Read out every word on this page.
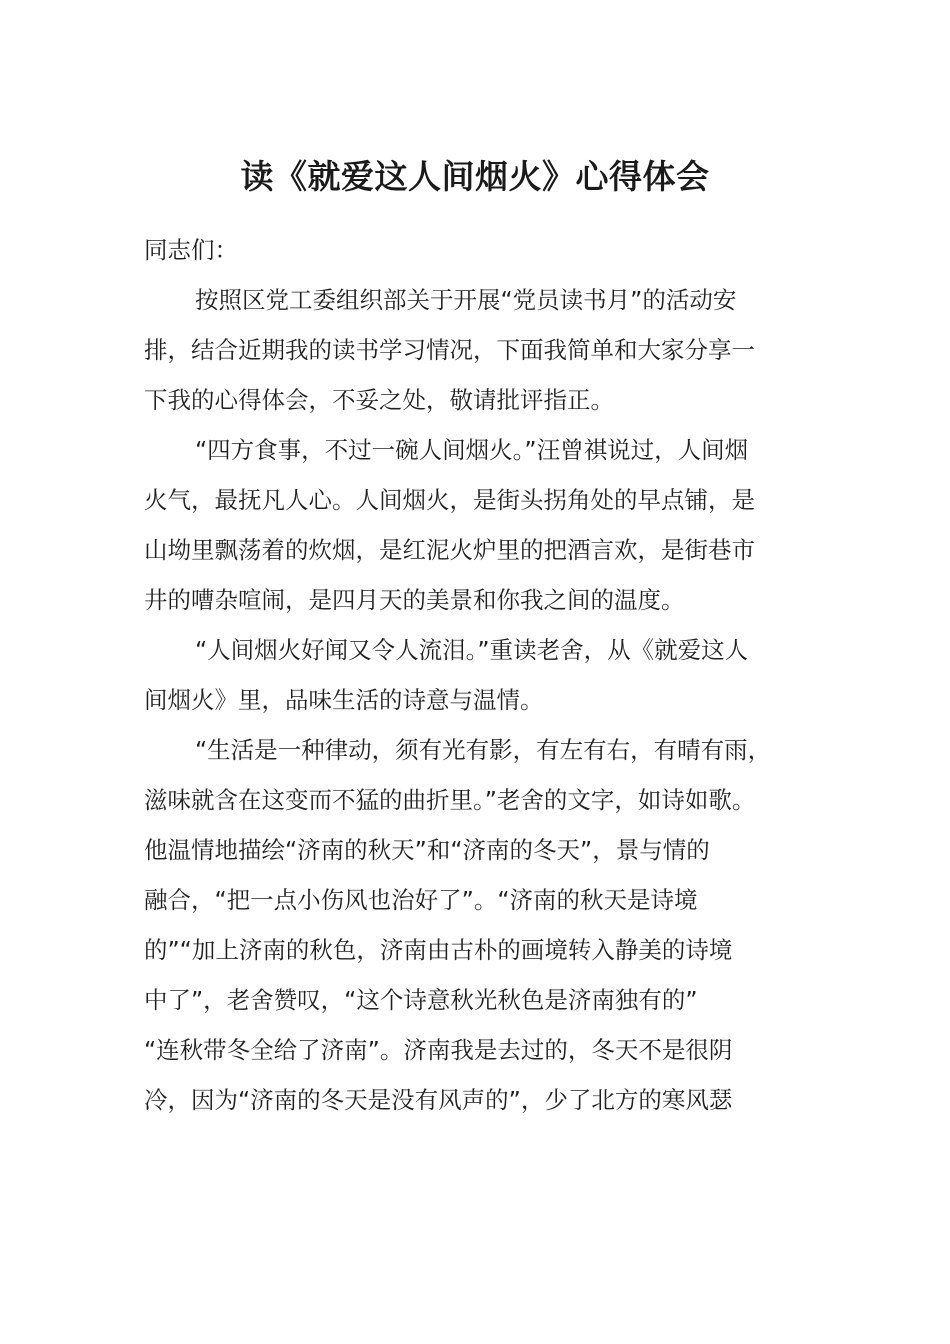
读《就爱这人间烟火》心得体会
同志们：
按照区党工委组织部关于开展“党员读书月”的活动安
排，结合近期我的读书学习情况，下面我简单和大家分享一
下我的心得体会，不妥之处，敬请批评指正。
“四方食事，不过一碗人间烟火。”汪曾祺说过，人间烟
火气，最抚凡人心。人间烟火，是街头拐角处的早点铺，是
山坳里飘荡着的炊烟，是红泥火炉里的把酒言欢，是街巷市
井的嘈杂喧闹，是四月天的美景和你我之间的温度。
“人间烟火好闻又令人流泪。”重读老舍，从《就爱这人
间烟火》里，品味生活的诗意与温情。
“生活是一种律动，须有光有影，有左有右，有晴有雨，
滋味就含在这变而不猛的曲折里。”老舍的文字，如诗如歌。
他温情地描绘“济南的秋天”和“济南的冬天”，景与情的
融合，“把一点小伤风也治好了”。“济南的秋天是诗境
的”“加上济南的秋色，济南由古朴的画境转入静美的诗境
中了”，老舍赞叹，“这个诗意秋光秋色是济南独有的”
“连秋带冬全给了济南”。济南我是去过的，冬天不是很阴
冷，因为“济南的冬天是没有风声的”，少了北方的寒风瑟
